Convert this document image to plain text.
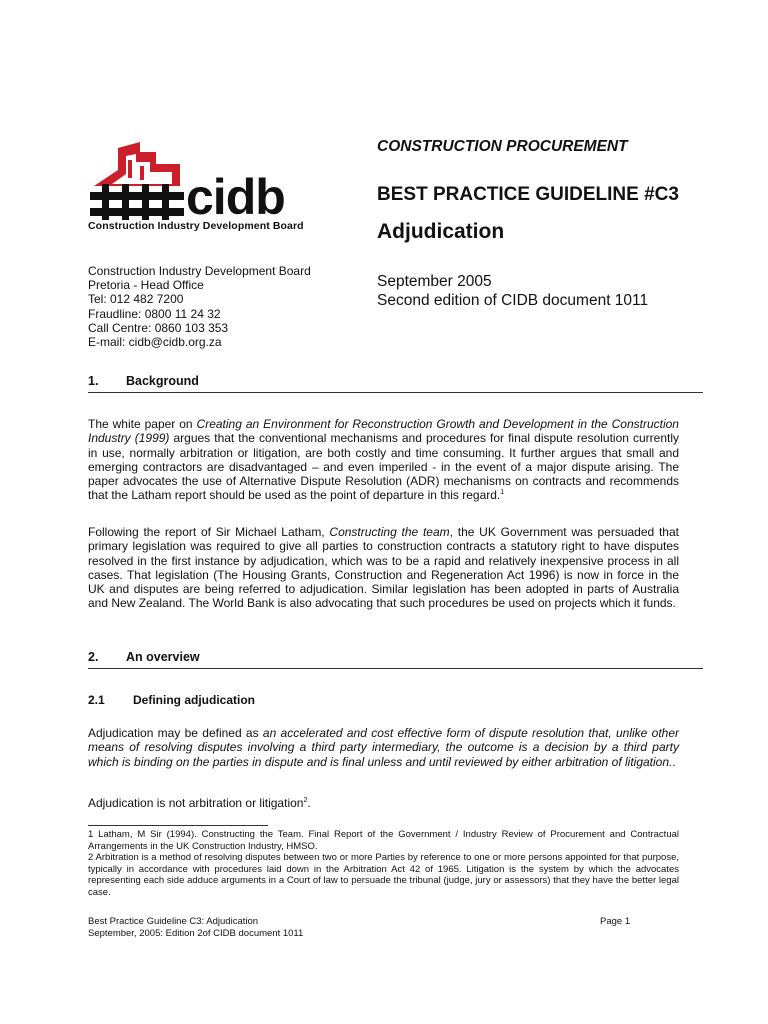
cidb
Construction Industry Development Board
CONSTRUCTION PROCUREMENT
BEST PRACTICE GUIDELINE #C3
Adjudication
September 2005
Second edition of CIDB document 1011
Construction Industry Development Board
Pretoria - Head Office
Tel: 012 482 7200
Fraudline: 0800 11 24 32
Call Centre: 0860 103 353
E-mail: cidb@cidb.org.za
1. Background
The white paper on Creating an Environment for Reconstruction Growth and Development in the Construction Industry (1999) argues that the conventional mechanisms and procedures for final dispute resolution currently in use, normally arbitration or litigation, are both costly and time consuming. It further argues that small and emerging contractors are disadvantaged – and even imperiled - in the event of a major dispute arising. The paper advocates the use of Alternative Dispute Resolution (ADR) mechanisms on contracts and recommends that the Latham report should be used as the point of departure in this regard.$^1$
Following the report of Sir Michael Latham, Constructing the team, the UK Government was persuaded that primary legislation was required to give all parties to construction contracts a statutory right to have disputes resolved in the first instance by adjudication, which was to be a rapid and relatively inexpensive process in all cases. That legislation (The Housing Grants, Construction and Regeneration Act 1996) is now in force in the UK and disputes are being referred to adjudication. Similar legislation has been adopted in parts of Australia and New Zealand. The World Bank is also advocating that such procedures be used on projects which it funds.
2. An overview
2.1 Defining adjudication
Adjudication may be defined as an accelerated and cost effective form of dispute resolution that, unlike other means of resolving disputes involving a third party intermediary, the outcome is a decision by a third party which is binding on the parties in dispute and is final unless and until reviewed by either arbitration of litigation..
Adjudication is not arbitration or litigation$^2$.
1 Latham, M Sir (1994). Constructing the Team. Final Report of the Government / Industry Review of Procurement and Contractual Arrangements in the UK Construction Industry, HMSO.
2 Arbitration is a method of resolving disputes between two or more Parties by reference to one or more persons appointed for that purpose, typically in accordance with procedures laid down in the Arbitration Act 42 of 1965. Litigation is the system by which the advocates representing each side adduce arguments in a Court of law to persuade the tribunal (judge, jury or assessors) that they have the better legal case.
Best Practice Guideline C3: Adjudication
September, 2005: Edition 2of CIDB document 1011
Page 1
